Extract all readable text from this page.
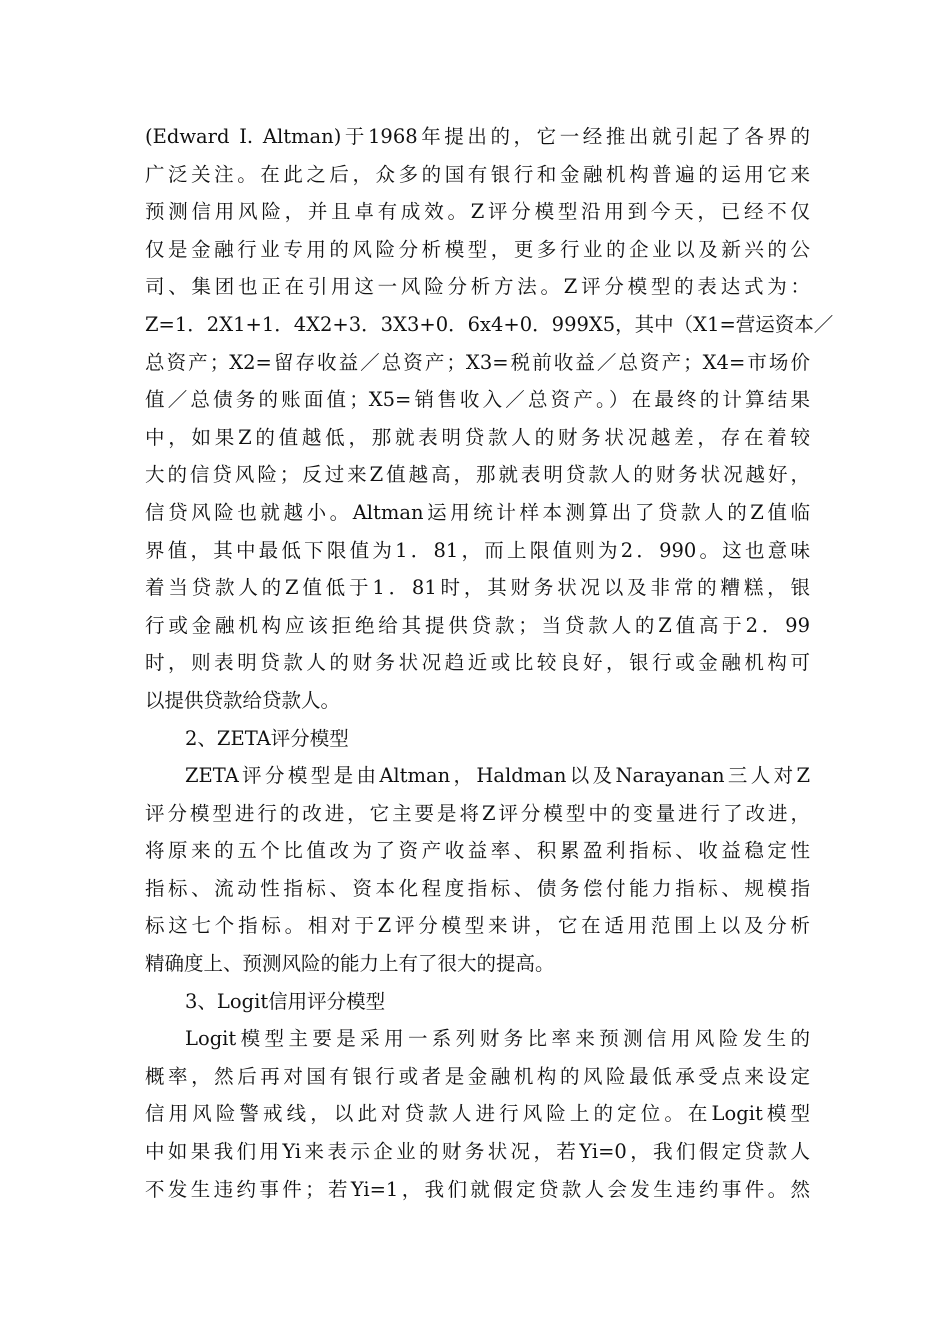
(Edward I. Altman)于1968年提出的，它一经推出就引起了各界的
广泛关注。在此之后，众多的国有银行和金融机构普遍的运用它来
预测信用风险，并且卓有成效。Z评分模型沿用到今天，已经不仅
仅是金融行业专用的风险分析模型，更多行业的企业以及新兴的公
司、集团也正在引用这一风险分析方法。Z评分模型的表达式为：
Z=1．2X1+1．4X2+3．3X3+0．6x4+0．999X5，其中（X1=营运资本／
总资产；X2=留存收益／总资产；X3=税前收益／总资产；X4=市场价
值／总债务的账面值；X5=销售收入／总资产。）在最终的计算结果
中，如果Z的值越低，那就表明贷款人的财务状况越差，存在着较
大的信贷风险；反过来Z值越高，那就表明贷款人的财务状况越好，
信贷风险也就越小。Altman运用统计样本测算出了贷款人的Z值临
界值，其中最低下限值为1．81，而上限值则为2．990。这也意味
着当贷款人的Z值低于1．81时，其财务状况以及非常的糟糕，银
行或金融机构应该拒绝给其提供贷款；当贷款人的Z值高于2．99
时，则表明贷款人的财务状况趋近或比较良好，银行或金融机构可
以提供贷款给贷款人。
2、ZETA评分模型
ZETA评分模型是由Altman，Haldman以及Narayanan三人对Z
评分模型进行的改进，它主要是将Z评分模型中的变量进行了改进，
将原来的五个比值改为了资产收益率、积累盈利指标、收益稳定性
指标、流动性指标、资本化程度指标、债务偿付能力指标、规模指
标这七个指标。相对于Z评分模型来讲，它在适用范围上以及分析
精确度上、预测风险的能力上有了很大的提高。
3、Logit信用评分模型
Logit模型主要是采用一系列财务比率来预测信用风险发生的
概率，然后再对国有银行或者是金融机构的风险最低承受点来设定
信用风险警戒线，以此对贷款人进行风险上的定位。在Logit模型
中如果我们用Yi来表示企业的财务状况，若Yi=0，我们假定贷款人
不发生违约事件；若Yi=1，我们就假定贷款人会发生违约事件。然
